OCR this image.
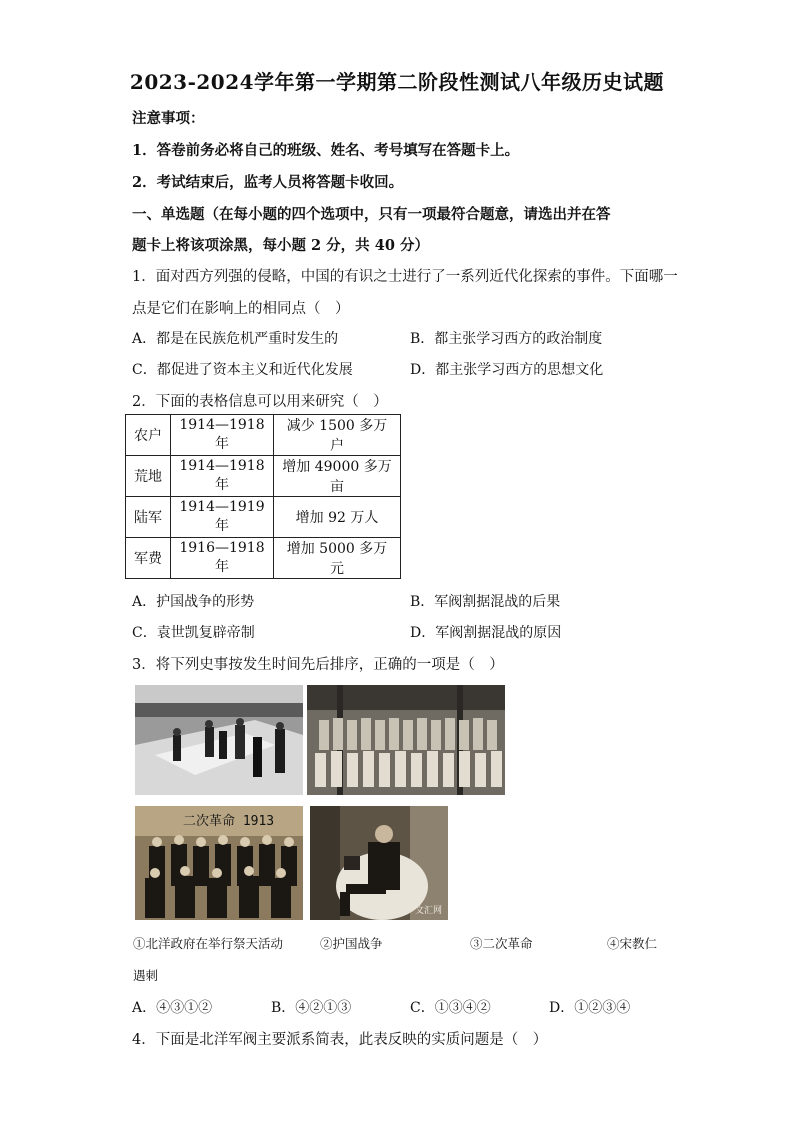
2023-2024学年第一学期第二阶段性测试八年级历史试题
注意事项：
1．答卷前务必将自己的班级、姓名、考号填写在答题卡上。
2．考试结束后，监考人员将答题卡收回。
一、单选题（在每小题的四个选项中，只有一项最符合题意，请选出并在答
题卡上将该项涂黑，每小题 2 分，共 40 分）
1．面对西方列强的侵略，中国的有识之士进行了一系列近代化探索的事件。下面哪一
点是它们在影响上的相同点（　）
A．都是在民族危机严重时发生的	B．都主张学习西方的政治制度
C．都促进了资本主义和近代化发展	D．都主张学习西方的思想文化
2．下面的表格信息可以用来研究（　）
农户	1914—1918 年	减少 1500 多万户
荒地	1914—1918 年	增加 49000 多万亩
陆军	1914—1919 年	增加 92 万人
军费	1916—1918 年	增加 5000 多万元
A．护国战争的形势	B．军阀割据混战的后果
C．袁世凯复辟帝制	D．军阀割据混战的原因
3．将下列史事按发生时间先后排序，正确的一项是（　）
二次革命 1913
文汇网
①北洋政府在举行祭天活动	②护国战争	③二次革命	④宋教仁
遇刺
A．④③①②	B．④②①③	C．①③④②	D．①②③④
4．下面是北洋军阀主要派系简表，此表反映的实质问题是（　）
